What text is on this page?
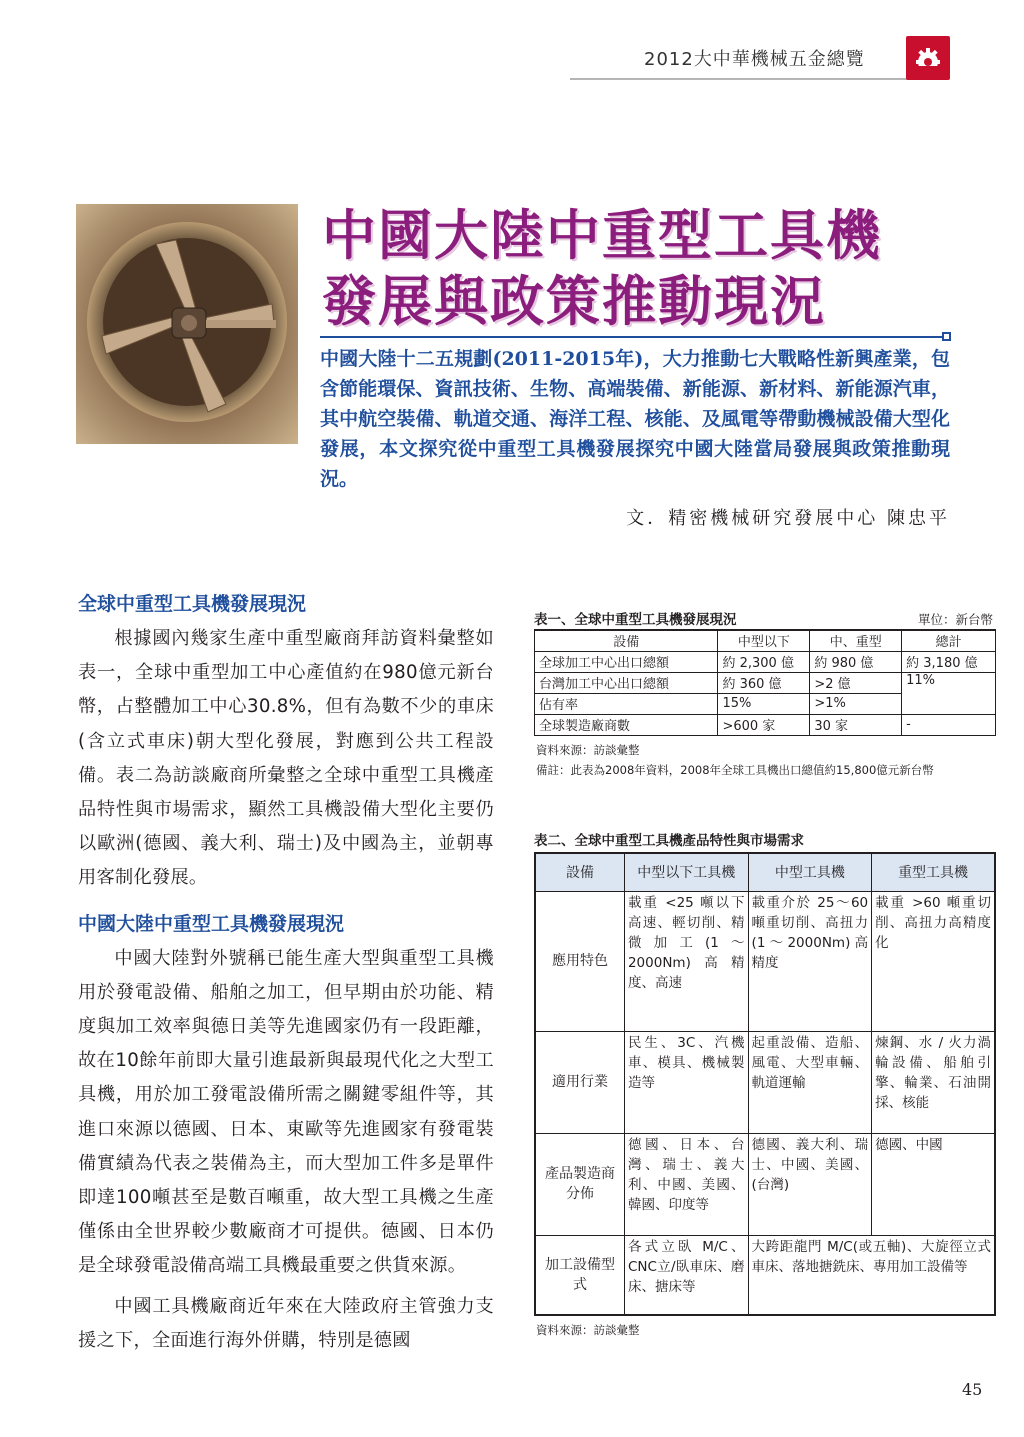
2012大中華機械五金總覽
中國大陸中重型工具機
發展與政策推動現況
中國大陸十二五規劃(2011-2015年)，大力推動七大戰略性新興產業，包含節能環保、資訊技術、生物、高端裝備、新能源、新材料、新能源汽車，其中航空裝備、軌道交通、海洋工程、核能、及風電等帶動機械設備大型化發展，本文探究從中重型工具機發展探究中國大陸當局發展與政策推動現況。
文．精密機械研究發展中心 陳忠平
全球中重型工具機發展現況

根據國內幾家生產中重型廠商拜訪資料彙整如表一，全球中重型加工中心產值約在980億元新台幣，占整體加工中心30.8%，但有為數不少的車床(含立式車床)朝大型化發展，對應到公共工程設備。表二為訪談廠商所彙整之全球中重型工具機產品特性與市場需求，顯然工具機設備大型化主要仍以歐洲(德國、義大利、瑞士)及中國為主，並朝專用客制化發展。

中國大陸中重型工具機發展現況

中國大陸對外號稱已能生產大型與重型工具機用於發電設備、船舶之加工，但早期由於功能、精度與加工效率與德日美等先進國家仍有一段距離，故在10餘年前即大量引進最新與最現代化之大型工具機，用於加工發電設備所需之關鍵零組件等，其進口來源以德國、日本、東歐等先進國家有發電裝備實績為代表之裝備為主，而大型加工件多是單件即達100噸甚至是數百噸重，故大型工具機之生產僅係由全世界較少數廠商才可提供。德國、日本仍是全球發電設備高端工具機最重要之供貨來源。

中國工具機廠商近年來在大陸政府主管強力支援之下，全面進行海外併購，特別是德國

表一、全球中重型工具機發展現況	單位：新台幣
設備	中型以下	中、重型	總計
全球加工中心出口總額	約 2,300 億	約 980 億	約 3,180 億
台灣加工中心出口總額	約 360 億	>2 億	11%
佔有率	15%	>1%	
全球製造廠商數	>600 家	30 家	-
資料來源：訪談彙整
備註：此表為2008年資料，2008年全球工具機出口總值約15,800億元新台幣
表二、全球中重型工具機產品特性與市場需求
設備	中型以下工具機	中型工具機	重型工具機
應用特色	載重 <25 噸以下高速、輕切削、精微加工(1～2000Nm)高精度、高速	載重介於 25～60 噸重切削、高扭力(1～2000Nm)高精度	載重 >60 噸重切削、高扭力高精度化
適用行業	民生、3C、汽機車、模具、機械製造等	起重設備、造船、風電、大型車輛、軌道運輸	煉鋼、水 / 火力渦輪設備、船舶引擎、輪業、石油開採、核能
產品製造商分佈	德國、日本、台灣、瑞士、義大利、中國、美國、韓國、印度等	德國、義大利、瑞士、中國、美國、(台灣)	德國、中國
加工設備型式	各式立臥 M/C、CNC立/臥車床、磨床、搪床等	大跨距龍門 M/C(或五軸)、大旋徑立式車床、落地搪銑床、專用加工設備等	
資料來源：訪談彙整
45
